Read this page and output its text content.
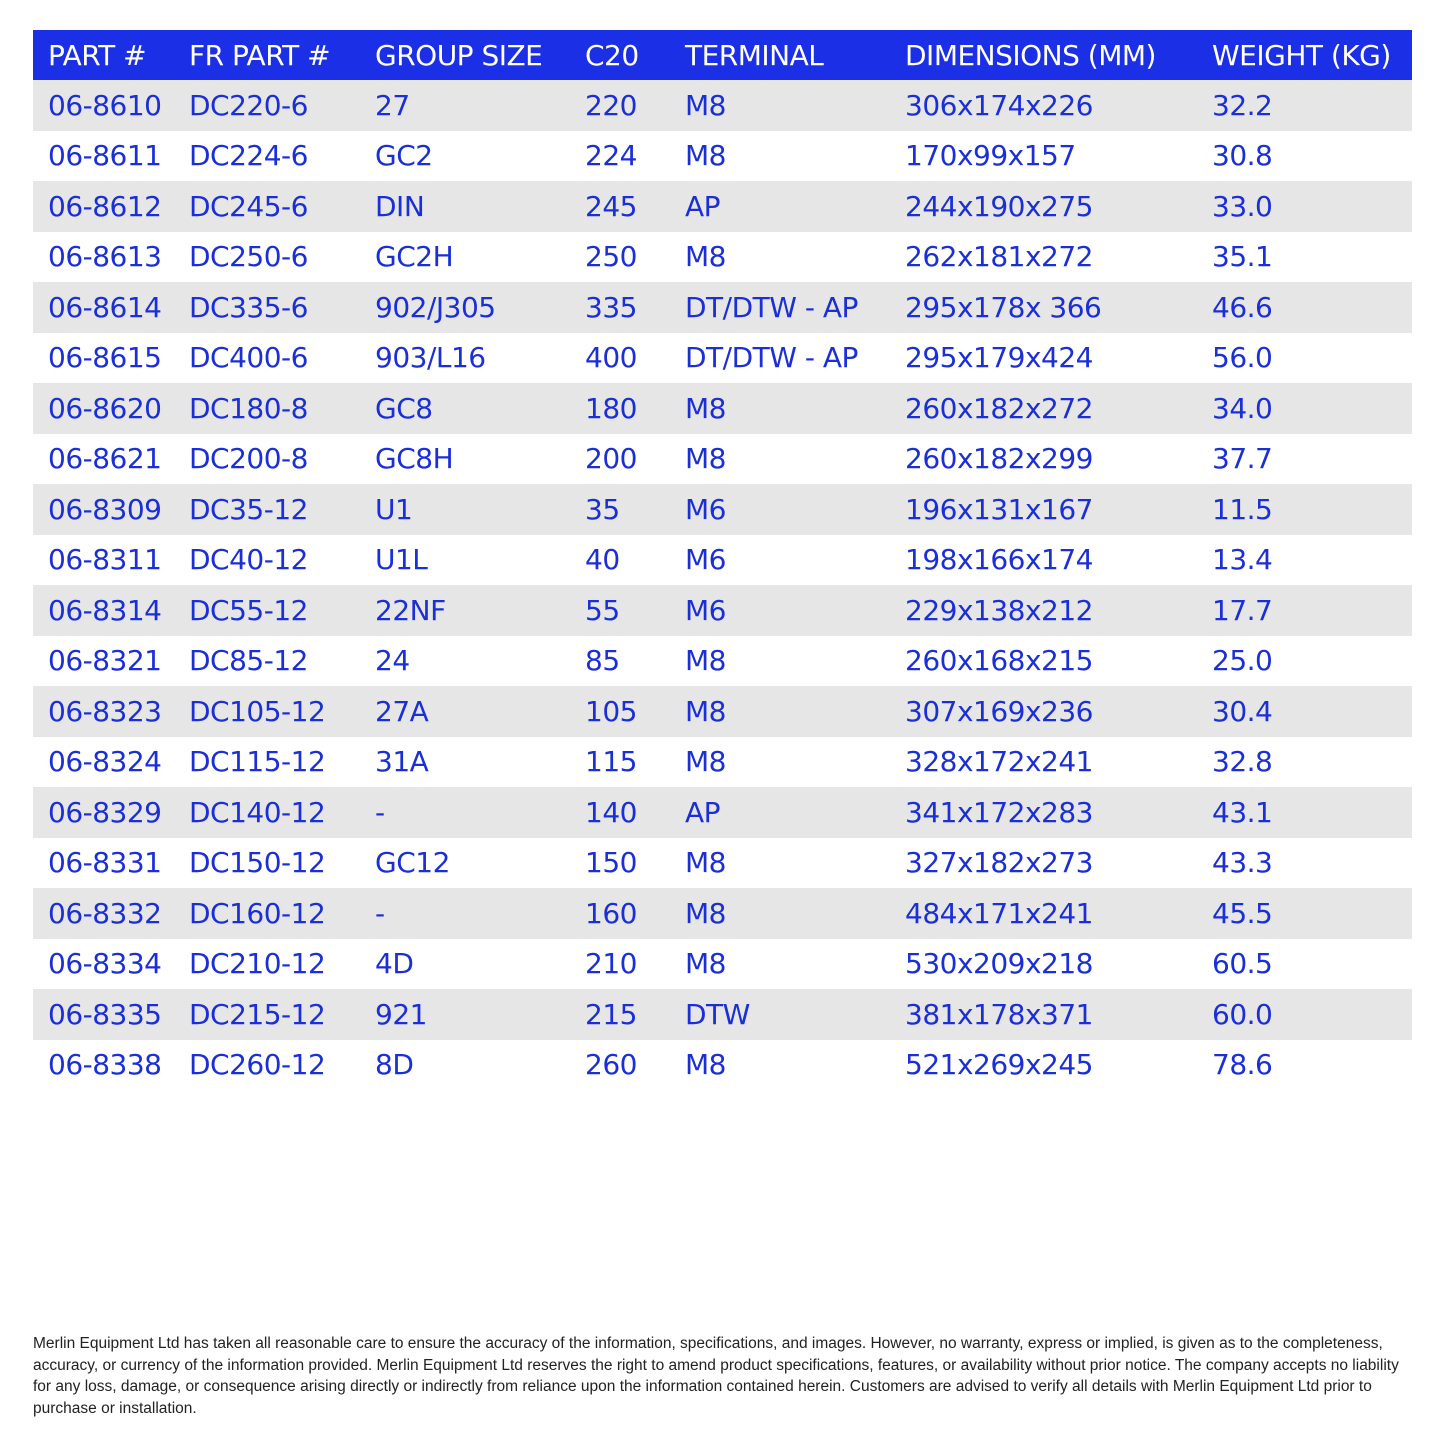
PART #	FR PART #	GROUP SIZE	C20	TERMINAL	DIMENSIONS (MM)	WEIGHT (KG)
06-8610	DC220-6	27	220	M8	306x174x226	32.2
06-8611	DC224-6	GC2	224	M8	170x99x157	30.8
06-8612	DC245-6	DIN	245	AP	244x190x275	33.0
06-8613	DC250-6	GC2H	250	M8	262x181x272	35.1
06-8614	DC335-6	902/J305	335	DT/DTW - AP	295x178x 366	46.6
06-8615	DC400-6	903/L16	400	DT/DTW - AP	295x179x424	56.0
06-8620	DC180-8	GC8	180	M8	260x182x272	34.0
06-8621	DC200-8	GC8H	200	M8	260x182x299	37.7
06-8309	DC35-12	U1	35	M6	196x131x167	11.5
06-8311	DC40-12	U1L	40	M6	198x166x174	13.4
06-8314	DC55-12	22NF	55	M6	229x138x212	17.7
06-8321	DC85-12	24	85	M8	260x168x215	25.0
06-8323	DC105-12	27A	105	M8	307x169x236	30.4
06-8324	DC115-12	31A	115	M8	328x172x241	32.8
06-8329	DC140-12	-	140	AP	341x172x283	43.1
06-8331	DC150-12	GC12	150	M8	327x182x273	43.3
06-8332	DC160-12	-	160	M8	484x171x241	45.5
06-8334	DC210-12	4D	210	M8	530x209x218	60.5
06-8335	DC215-12	921	215	DTW	381x178x371	60.0
06-8338	DC260-12	8D	260	M8	521x269x245	78.6

Merlin Equipment Ltd has taken all reasonable care to ensure the accuracy of the information, specifications, and images. However, no warranty, express or implied, is given as to the completeness, accuracy, or currency of the information provided. Merlin Equipment Ltd reserves the right to amend product specifications, features, or availability without prior notice. The company accepts no liability for any loss, damage, or consequence arising directly or indirectly from reliance upon the information contained herein. Customers are advised to verify all details with Merlin Equipment Ltd prior to purchase or installation.
